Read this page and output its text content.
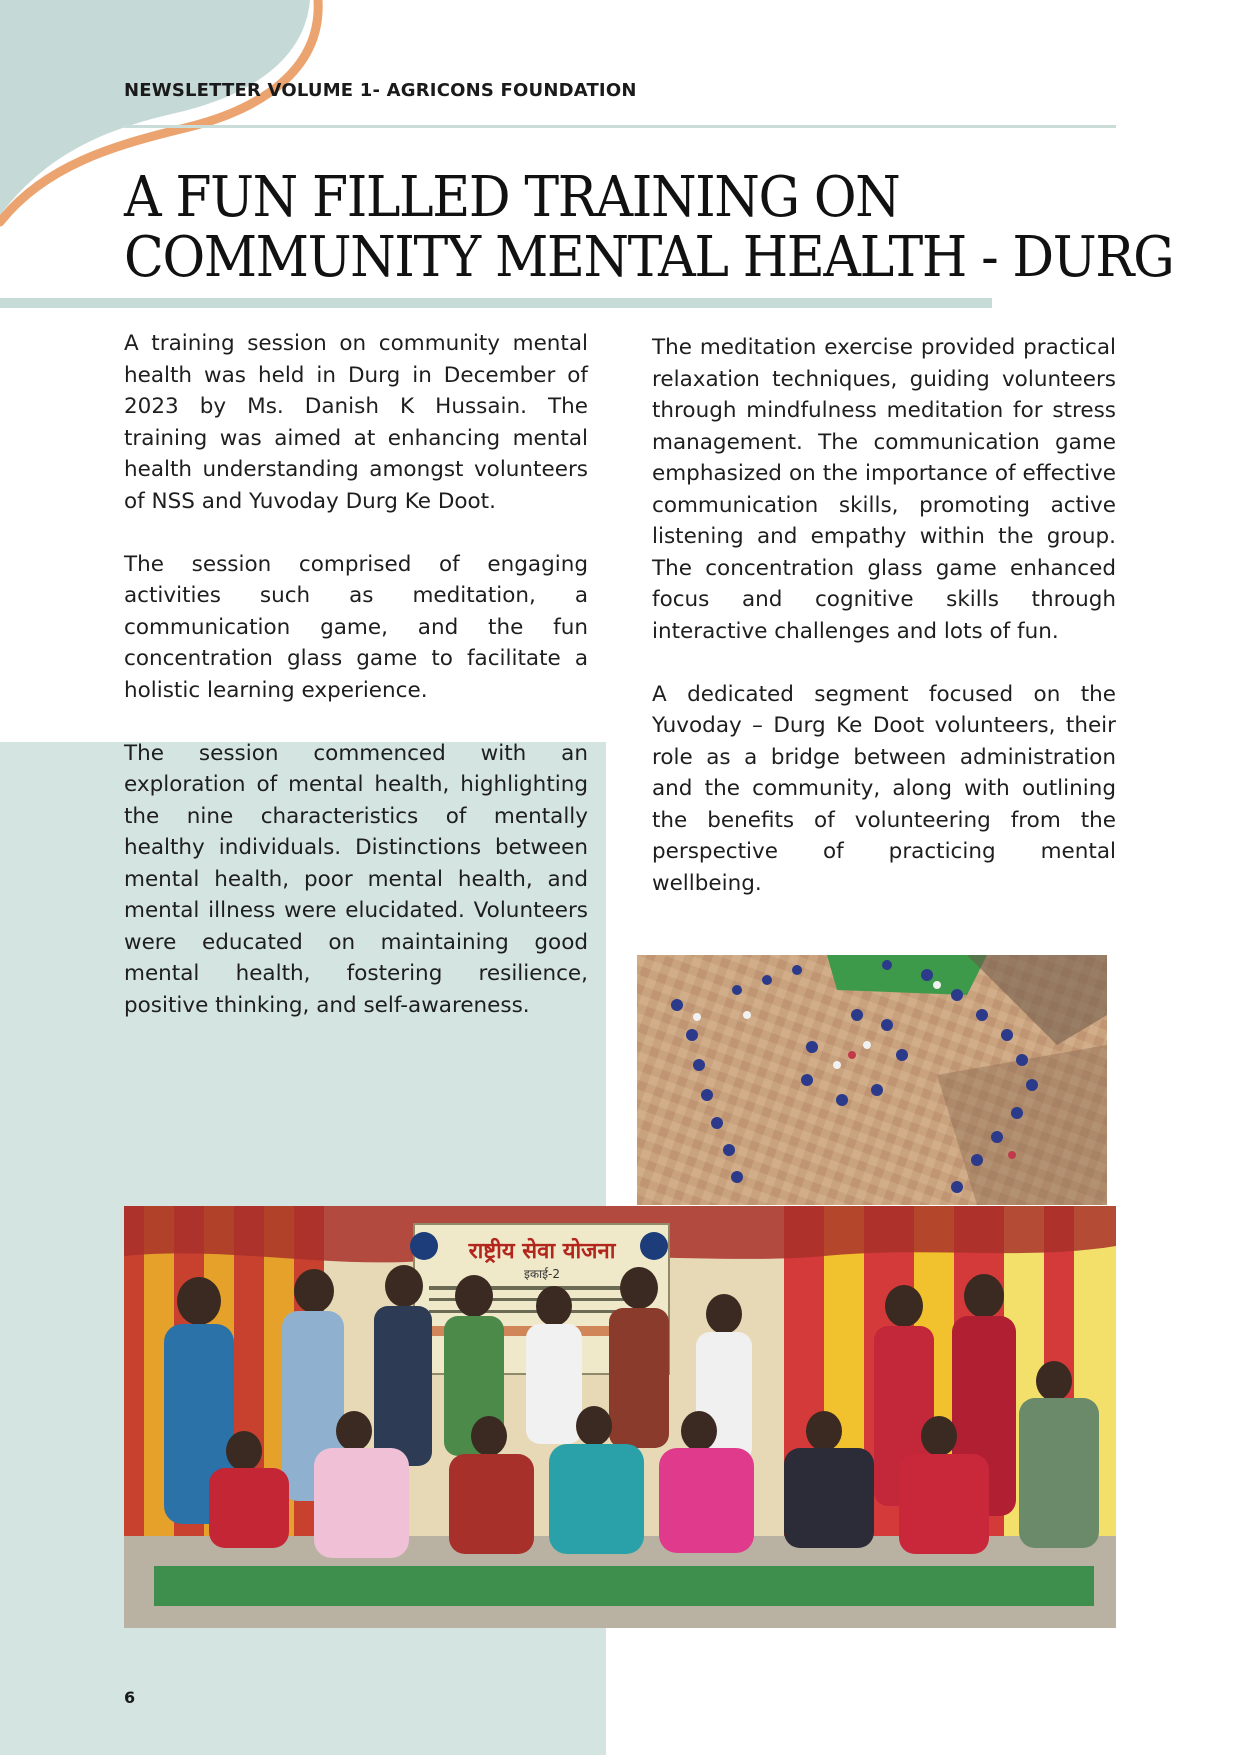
NEWSLETTER VOLUME 1- AGRICONS FOUNDATION
A FUN FILLED TRAINING ON
COMMUNITY MENTAL HEALTH - DURG

A training session on community mental health was held in Durg in December of 2023 by Ms. Danish K Hussain. The training was aimed at enhancing mental health understanding amongst volunteers of NSS and Yuvoday Durg Ke Doot.

The session comprised of engaging activities such as meditation, a communication game, and the fun concentration glass game to facilitate a holistic learning experience.

The session commenced with an exploration of mental health, highlighting the nine characteristics of mentally healthy individuals. Distinctions between mental health, poor mental health, and mental illness were elucidated. Volunteers were educated on maintaining good mental health, fostering resilience, positive thinking, and self-awareness.

The meditation exercise provided practical relaxation techniques, guiding volunteers through mindfulness meditation for stress management. The communication game emphasized on the importance of effective communication skills, promoting active listening and empathy within the group. The concentration glass game enhanced focus and cognitive skills through interactive challenges and lots of fun.

A dedicated segment focused on the Yuvoday – Durg Ke Doot volunteers, their role as a bridge between administration and the community, along with outlining the benefits of volunteering from the perspective of practicing mental wellbeing.

राष्ट्रीय सेवा योजना
इकाई-2
6
